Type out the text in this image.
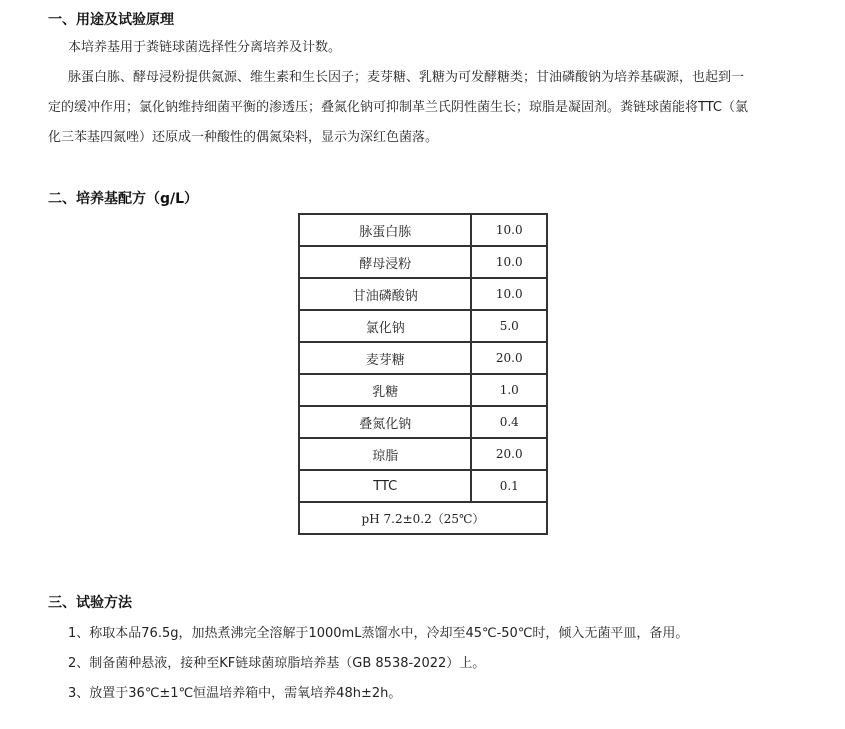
一、用途及试验原理
本培养基用于粪链球菌选择性分离培养及计数。
脉蛋白胨、酵母浸粉提供氮源、维生素和生长因子；麦芽糖、乳糖为可发酵糖类；甘油磷酸钠为培养基碳源，也起到一
定的缓冲作用；氯化钠维持细菌平衡的渗透压；叠氮化钠可抑制革兰氏阴性菌生长；琼脂是凝固剂。粪链球菌能将TTC（氯
化三苯基四氮唑）还原成一种酸性的偶氮染料，显示为深红色菌落。
二、培养基配方（g/L）
脉蛋白胨	10.0
酵母浸粉	10.0
甘油磷酸钠	10.0
氯化钠	5.0
麦芽糖	20.0
乳糖	1.0
叠氮化钠	0.4
琼脂	20.0
TTC	0.1
pH 7.2±0.2（25℃）	
三、试验方法
1、称取本品76.5g，加热煮沸完全溶解于1000mL蒸馏水中，冷却至45℃-50℃时，倾入无菌平皿，备用。
2、制备菌种悬液，接种至KF链球菌琼脂培养基（GB 8538-2022）上。
3、放置于36℃±1℃恒温培养箱中，需氧培养48h±2h。
